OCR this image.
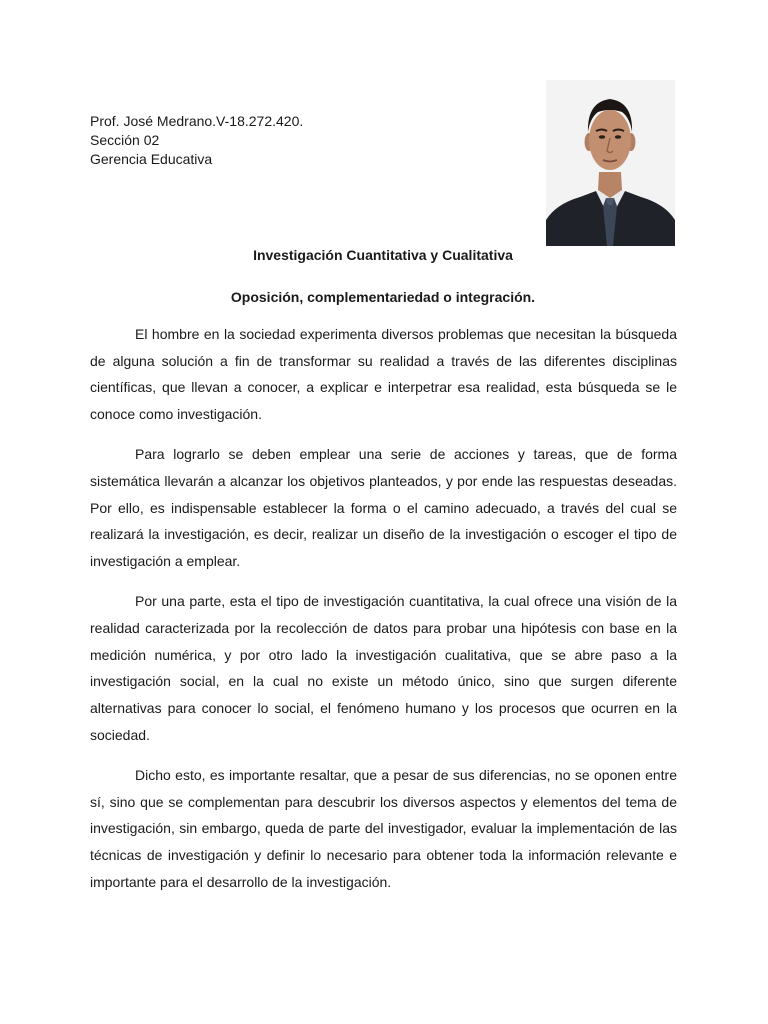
Prof. José Medrano.V-18.272.420.
Sección 02
Gerencia Educativa
Investigación Cuantitativa y Cualitativa
Oposición, complementariedad o integración.

El hombre en la sociedad experimenta diversos problemas que necesitan la búsqueda de alguna solución a fin de transformar su realidad a través de las diferentes disciplinas científicas, que llevan a conocer, a explicar e interpetrar esa realidad, esta búsqueda se le conoce como investigación.

Para lograrlo se deben emplear una serie de acciones y tareas, que de forma sistemática llevarán a alcanzar los objetivos planteados, y por ende las respuestas deseadas. Por ello, es indispensable establecer la forma o el camino adecuado, a través del cual se realizará la investigación, es decir, realizar un diseño de la investigación o escoger el tipo de investigación a emplear.

Por una parte, esta el tipo de investigación cuantitativa, la cual ofrece una visión de la realidad caracterizada por la recolección de datos para probar una hipótesis con base en la medición numérica, y por otro lado la investigación cualitativa, que se abre paso a la investigación social, en la cual no existe un método único, sino que surgen diferente alternativas para conocer lo social, el fenómeno humano y los procesos que ocurren en la sociedad.

Dicho esto, es importante resaltar, que a pesar de sus diferencias, no se oponen entre sí, sino que se complementan para descubrir los diversos aspectos y elementos del tema de investigación, sin embargo, queda de parte del investigador, evaluar la implementación de las técnicas de investigación y definir lo necesario para obtener toda la información relevante e importante para el desarrollo de la investigación.
